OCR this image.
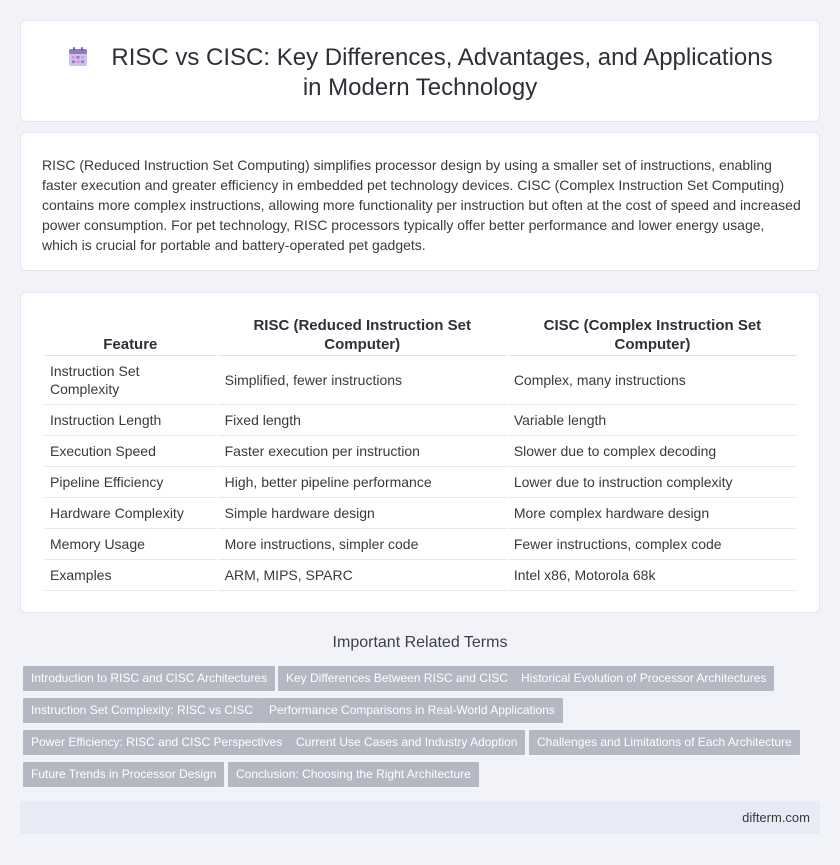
RISC vs CISC: Key Differences, Advantages, and Applications in Modern Technology

RISC (Reduced Instruction Set Computing) simplifies processor design by using a smaller set of instructions, enabling faster execution and greater efficiency in embedded pet technology devices. CISC (Complex Instruction Set Computing) contains more complex instructions, allowing more functionality per instruction but often at the cost of speed and increased power consumption. For pet technology, RISC processors typically offer better performance and lower energy usage, which is crucial for portable and battery-operated pet gadgets.

Feature	RISC (Reduced Instruction Set Computer)	CISC (Complex Instruction Set Computer)
Instruction Set Complexity	Simplified, fewer instructions	Complex, many instructions
Instruction Length	Fixed length	Variable length
Execution Speed	Faster execution per instruction	Slower due to complex decoding
Pipeline Efficiency	High, better pipeline performance	Lower due to instruction complexity
Hardware Complexity	Simple hardware design	More complex hardware design
Memory Usage	More instructions, simpler code	Fewer instructions, complex code
Examples	ARM, MIPS, SPARC	Intel x86, Motorola 68k
Important Related Terms
Introduction to RISC and CISC Architectures	Key Differences Between RISC and CISC	Historical Evolution of Processor Architectures
Instruction Set Complexity: RISC vs CISC	Performance Comparisons in Real-World Applications
Power Efficiency: RISC and CISC Perspectives	Current Use Cases and Industry Adoption	Challenges and Limitations of Each Architecture
Future Trends in Processor Design	Conclusion: Choosing the Right Architecture
difterm.com
